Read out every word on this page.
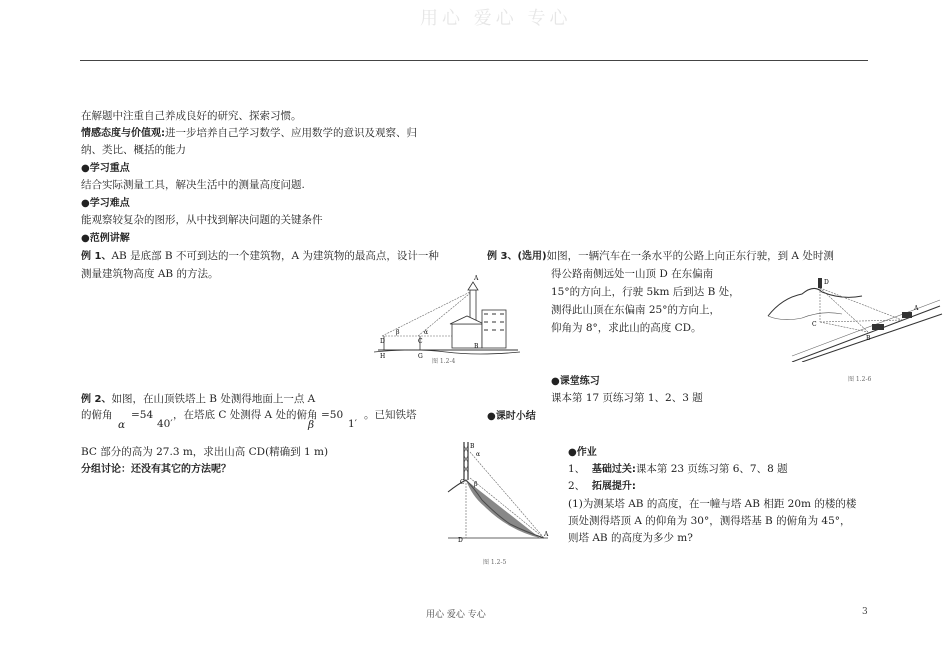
用心 爱心 专心
在解题中注重自己养成良好的研究、探索习惯。
情感态度与价值观:进一步培养自己学习数学、应用数学的意识及观察、归
纳、类比、概括的能力
●学习重点
结合实际测量工具，解决生活中的测量高度问题.
●学习难点
能观察较复杂的图形，从中找到解决问题的关键条件
●范例讲解
例 1、AB 是底部 B 不可到达的一个建筑物，A 为建筑物的最高点，设计一种
测量建筑物高度 AB 的方法。
D	C
H	G
A
B
β	α
图 1.2-4
例 2、如图，在山顶铁塔上 B 处测得地面上一点 A
的俯角
α
=54
40′
，在塔底 C 处测得 A 处的俯角
β
=50
1′
。已知铁塔
BC 部分的高为 27.3 m，求出山高 CD(精确到 1 m)
分组讨论：还没有其它的方法呢？
B
α
C β
D
A
图 1.2-5
例 3、(选用)如图，一辆汽车在一条水平的公路上向正东行驶，到 A 处时测
得公路南侧远处一山顶 D 在东偏南
15°的方向上，行驶 5km 后到达 B 处，
测得此山顶在东偏南 25°的方向上，
仰角为 8°，求此山的高度 CD。	C
D
A
B
图 1.2-6
●课堂练习
课本第 17 页练习第 1、2、3 题
●课时小结
●作业
1、 基础过关:课本第 23 页练习第 6、7、8 题
2、 拓展提升:
(1)为测某塔 AB 的高度，在一幢与塔 AB 相距 20m 的楼的楼
顶处测得塔顶 A 的仰角为 30°，测得塔基 B 的俯角为 45°，
则塔 AB 的高度为多少 m?
用心 爱心 专心	3
